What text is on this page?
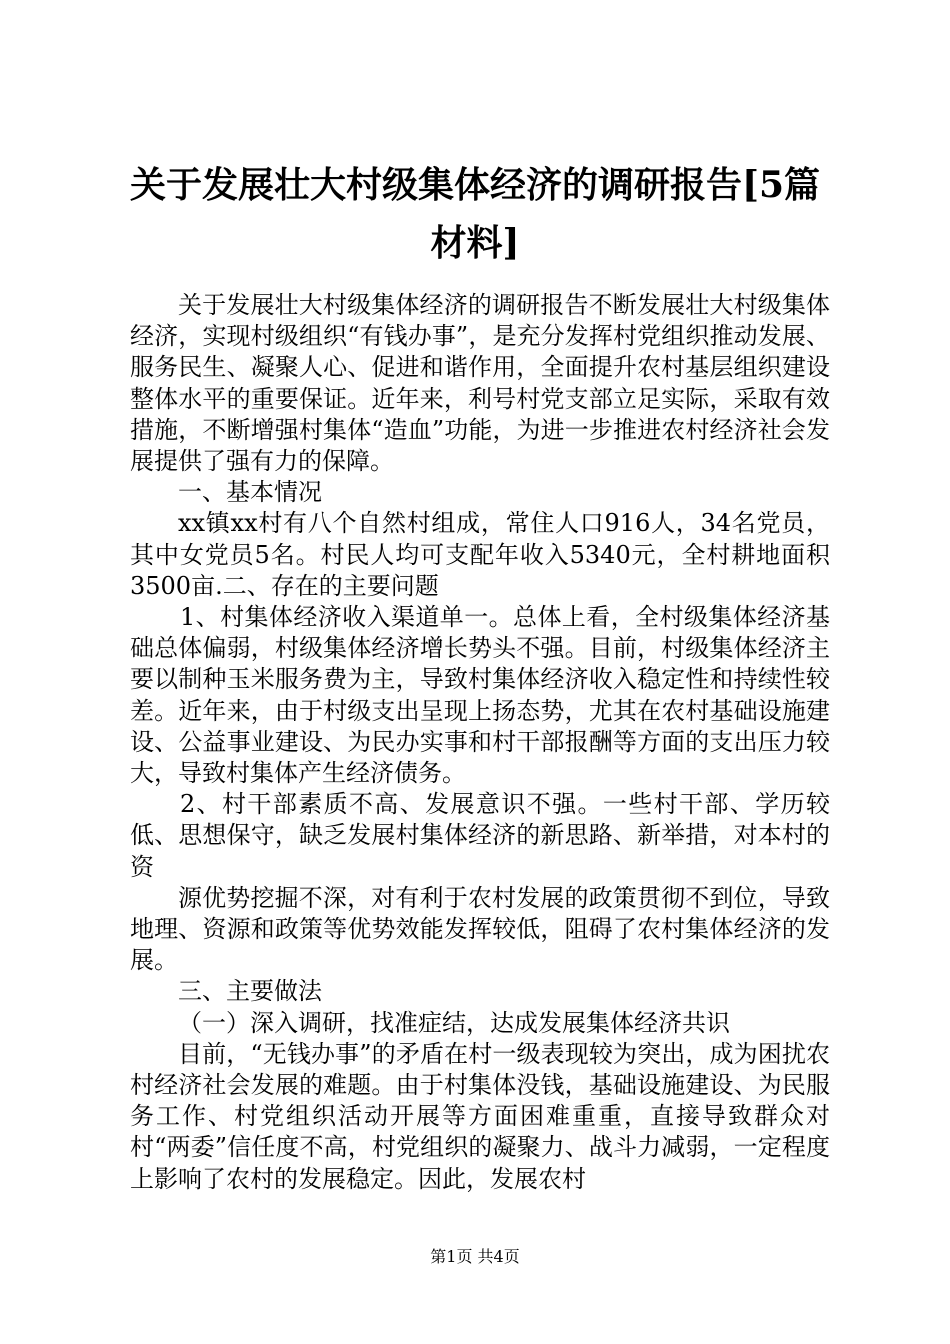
关于发展壮大村级集体经济的调研报告[5篇
材料]

关于发展壮大村级集体经济的调研报告不断发展壮大村级集体经济，实现村级组织“有钱办事”，是充分发挥村党组织推动发展、服务民生、凝聚人心、促进和谐作用，全面提升农村基层组织建设整体水平的重要保证。近年来，利号村党支部立足实际，采取有效措施，不断增强村集体“造血”功能，为进一步推进农村经济社会发展提供了强有力的保障。

一、基本情况

xx镇xx村有八个自然村组成，常住人口916人，34名党员，其中女党员5名。村民人均可支配年收入5340元，全村耕地面积3500亩.二、存在的主要问题

1、村集体经济收入渠道单一。总体上看，全村级集体经济基础总体偏弱，村级集体经济增长势头不强。目前，村级集体经济主要以制种玉米服务费为主，导致村集体经济收入稳定性和持续性较差。近年来，由于村级支出呈现上扬态势，尤其在农村基础设施建设、公益事业建设、为民办实事和村干部报酬等方面的支出压力较大，导致村集体产生经济债务。

2、村干部素质不高、发展意识不强。一些村干部、学历较低、思想保守，缺乏发展村集体经济的新思路、新举措，对本村的资

源优势挖掘不深，对有利于农村发展的政策贯彻不到位，导致地理、资源和政策等优势效能发挥较低，阻碍了农村集体经济的发展。

三、主要做法

（一）深入调研，找准症结，达成发展集体经济共识

目前，“无钱办事”的矛盾在村一级表现较为突出，成为困扰农村经济社会发展的难题。由于村集体没钱，基础设施建设、为民服务工作、村党组织活动开展等方面困难重重，直接导致群众对村“两委”信任度不高，村党组织的凝聚力、战斗力减弱，一定程度上影响了农村的发展稳定。因此，发展农村

第1页 共4页
